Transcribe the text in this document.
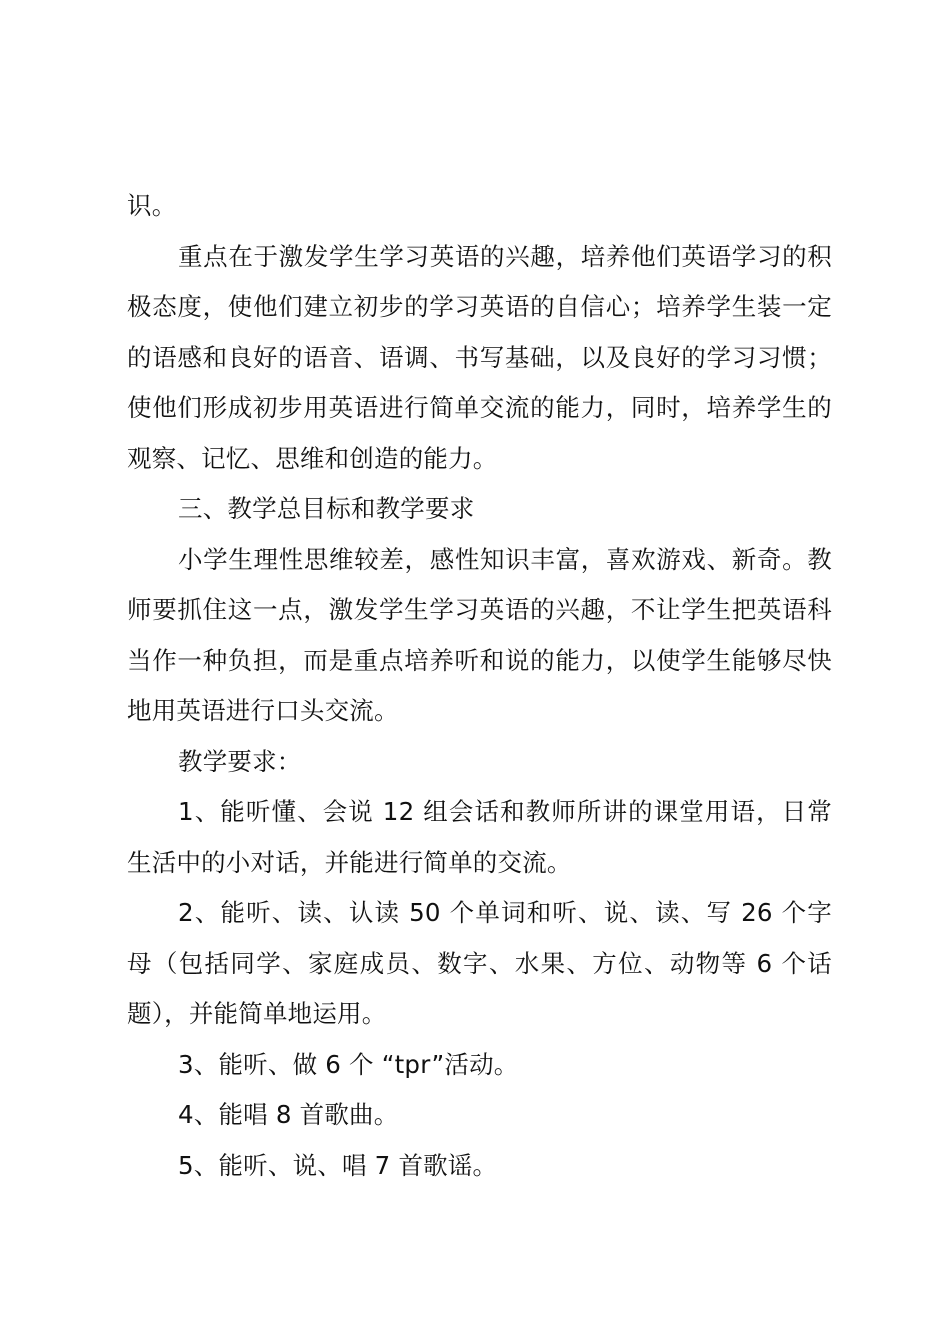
识。

重点在于激发学生学习英语的兴趣，培养他们英语学习的积极态度，使他们建立初步的学习英语的自信心；培养学生装一定的语感和良好的语音、语调、书写基础，以及良好的学习习惯；使他们形成初步用英语进行简单交流的能力，同时，培养学生的观察、记忆、思维和创造的能力。

三、教学总目标和教学要求

小学生理性思维较差，感性知识丰富，喜欢游戏、新奇。教师要抓住这一点，激发学生学习英语的兴趣，不让学生把英语科当作一种负担，而是重点培养听和说的能力，以使学生能够尽快地用英语进行口头交流。

教学要求：

1、能听懂、会说 12 组会话和教师所讲的课堂用语，日常生活中的小对话，并能进行简单的交流。

2、能听、读、认读 50 个单词和听、说、读、写 26 个字母（包括同学、家庭成员、数字、水果、方位、动物等 6 个话题），并能简单地运用。

3、能听、做 6 个 “tpr”活动。

4、能唱 8 首歌曲。

5、能听、说、唱 7 首歌谣。
